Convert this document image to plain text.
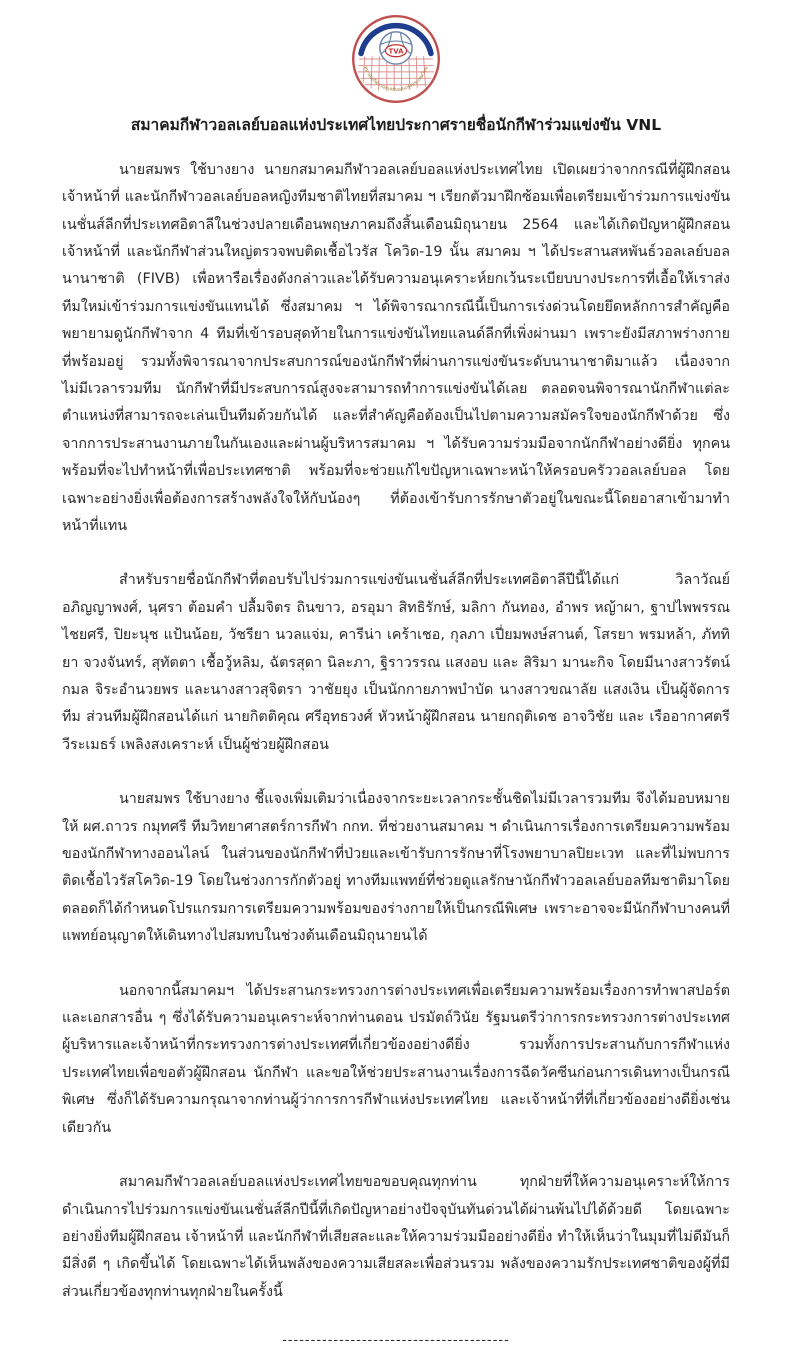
TVA
สมาคมกีฬาวอลเลย์บอลแห่งประเทศไทย
สมาคมกีฬาวอลเลย์บอลแห่งประเทศไทยประกาศรายชื่อนักกีฬาร่วมแข่งขัน VNL

นายสมพร ใช้บางยาง นายกสมาคมกีฬาวอลเลย์บอลแห่งประเทศไทย เปิดเผยว่าจากกรณีที่ผู้ฝึกสอน เจ้าหน้าที่ และนักกีฬาวอลเลย์บอลหญิงทีมชาติไทยที่สมาคม ฯ เรียกตัวมาฝึกซ้อมเพื่อเตรียมเข้าร่วมการแข่งขันเนชั่นส์ลีกที่ประเทศอิตาลีในช่วงปลายเดือนพฤษภาคมถึงสิ้นเดือนมิถุนายน 2564 และได้เกิดปัญหาผู้ฝึกสอน เจ้าหน้าที่ และนักกีฬาส่วนใหญ่ตรวจพบติดเชื้อไวรัส โควิด-19 นั้น สมาคม ฯ ได้ประสานสหพันธ์วอลเลย์บอลนานาชาติ (FIVB) เพื่อหารือเรื่องดังกล่าวและได้รับความอนุเคราะห์ยกเว้นระเบียบบางประการที่เอื้อให้เราส่งทีมใหม่เข้าร่วมการแข่งขันแทนได้ ซึ่งสมาคม ฯ ได้พิจารณากรณีนี้เป็นการเร่งด่วนโดยยึดหลักการสำคัญคือ พยายามดูนักกีฬาจาก 4 ทีมที่เข้ารอบสุดท้ายในการแข่งขันไทยแลนด์ลีกที่เพิ่งผ่านมา เพราะยังมีสภาพร่างกายที่พร้อมอยู่ รวมทั้งพิจารณาจากประสบการณ์ของนักกีฬาที่ผ่านการแข่งขันระดับนานาชาติมาแล้ว เนื่องจากไม่มีเวลารวมทีม นักกีฬาที่มีประสบการณ์สูงจะสามารถทำการแข่งขันได้เลย ตลอดจนพิจารณานักกีฬาแต่ละตำแหน่งที่สามารถจะเล่นเป็นทีมด้วยกันได้ และที่สำคัญคือต้องเป็นไปตามความสมัครใจของนักกีฬาด้วย ซึ่งจากการประสานงานภายในกันเองและผ่านผู้บริหารสมาคม ฯ ได้รับความร่วมมือจากนักกีฬาอย่างดียิ่ง ทุกคนพร้อมที่จะไปทำหน้าที่เพื่อประเทศชาติ พร้อมที่จะช่วยแก้ไขปัญหาเฉพาะหน้าให้ครอบครัววอลเลย์บอล โดยเฉพาะอย่างยิ่งเพื่อต้องการสร้างพลังใจให้กับน้องๆ ที่ต้องเข้ารับการรักษาตัวอยู่ในขณะนี้โดยอาสาเข้ามาทำหน้าที่แทน

สำหรับรายชื่อนักกีฬาที่ตอบรับไปร่วมการแข่งขันเนชั่นส์ลีกที่ประเทศอิตาลีปีนี้ได้แก่ วิลาวัณย์ อภิญญาพงศ์, นุศรา ต้อมคำ ปลื้มจิตร ถินขาว, อรอุมา สิทธิรักษ์, มลิกา กันทอง, อำพร หญ้าผา, ฐาปไพพรรณ ไชยศรี, ปิยะนุช แป้นน้อย, วัชรียา นวลแจ่ม, คารีน่า เคร้าเชอ, กุลภา เปี่ยมพงษ์สานต์, โสรยา พรมหล้า, ภัททิยา จวงจันทร์, สุทัตตา เชื้อวู้หลิม, ฉัตรสุดา นิละภา, ฐิราวรรณ แสงอบ และ สิริมา มานะกิจ โดยมีนางสาวรัตน์กมล จิระอำนวยพร และนางสาวสุจิตรา วาชัยยุง เป็นนักกายภาพบำบัด นางสาวขณาลัย แสงเงิน เป็นผู้จัดการทีม ส่วนทีมผู้ฝึกสอนได้แก่ นายกิตติคุณ ศรีอุทธวงศ์ หัวหน้าผู้ฝึกสอน นายกฤติเดช อาจวิชัย และ เรืออากาศตรีวีระเมธร์ เพลิงสงเคราะห์ เป็นผู้ช่วยผู้ฝึกสอน

นายสมพร ใช้บางยาง ชี้แจงเพิ่มเติมว่าเนื่องจากระยะเวลากระชั้นชิดไม่มีเวลารวมทีม จึงได้มอบหมายให้ ผศ.ถาวร กมุทศรี ทีมวิทยาศาสตร์การกีฬา กกท. ที่ช่วยงานสมาคม ฯ ดำเนินการเรื่องการเตรียมความพร้อมของนักกีฬาทางออนไลน์ ในส่วนของนักกีฬาที่ป่วยและเข้ารับการรักษาที่โรงพยาบาลปิยะเวท และที่ไม่พบการติดเชื้อไวรัสโควิด-19 โดยในช่วงการกักตัวอยู่ ทางทีมแพทย์ที่ช่วยดูแลรักษานักกีฬาวอลเลย์บอลทีมชาติมาโดยตลอดก็ได้กำหนดโปรแกรมการเตรียมความพร้อมของร่างกายให้เป็นกรณีพิเศษ เพราะอาจจะมีนักกีฬาบางคนที่แพทย์อนุญาตให้เดินทางไปสมทบในช่วงต้นเดือนมิถุนายนได้

นอกจากนี้สมาคมฯ ได้ประสานกระทรวงการต่างประเทศเพื่อเตรียมความพร้อมเรื่องการทำพาสปอร์ต และเอกสารอื่น ๆ ซึ่งได้รับความอนุเคราะห์จากท่านดอน ปรมัตถ์วินัย รัฐมนตรีว่าการกระทรวงการต่างประเทศ ผู้บริหารและเจ้าหน้าที่กระทรวงการต่างประเทศที่เกี่ยวข้องอย่างดียิ่ง รวมทั้งการประสานกับการกีฬาแห่งประเทศไทยเพื่อขอตัวผู้ฝึกสอน นักกีฬา และขอให้ช่วยประสานงานเรื่องการฉีดวัคซีนก่อนการเดินทางเป็นกรณีพิเศษ ซึ่งก็ได้รับความกรุณาจากท่านผู้ว่าการการกีฬาแห่งประเทศไทย และเจ้าหน้าที่ที่เกี่ยวข้องอย่างดียิ่งเช่นเดียวกัน

สมาคมกีฬาวอลเลย์บอลแห่งประเทศไทยขอขอบคุณทุกท่าน ทุกฝ่ายที่ให้ความอนุเคราะห์ให้การดำเนินการไปร่วมการแข่งขันเนชั่นส์ลีกปีนี้ที่เกิดปัญหาอย่างปัจจุบันทันด่วนได้ผ่านพ้นไปได้ด้วยดี โดยเฉพาะอย่างยิ่งทีมผู้ฝึกสอน เจ้าหน้าที่ และนักกีฬาที่เสียสละและให้ความร่วมมืออย่างดียิ่ง ทำให้เห็นว่าในมุมที่ไม่ดีมันก็มีสิ่งดี ๆ เกิดขึ้นได้ โดยเฉพาะได้เห็นพลังของความเสียสละเพื่อส่วนรวม พลังของความรักประเทศชาติของผู้ที่มีส่วนเกี่ยวข้องทุกท่านทุกฝ่ายในครั้งนี้

----------------------------------------
